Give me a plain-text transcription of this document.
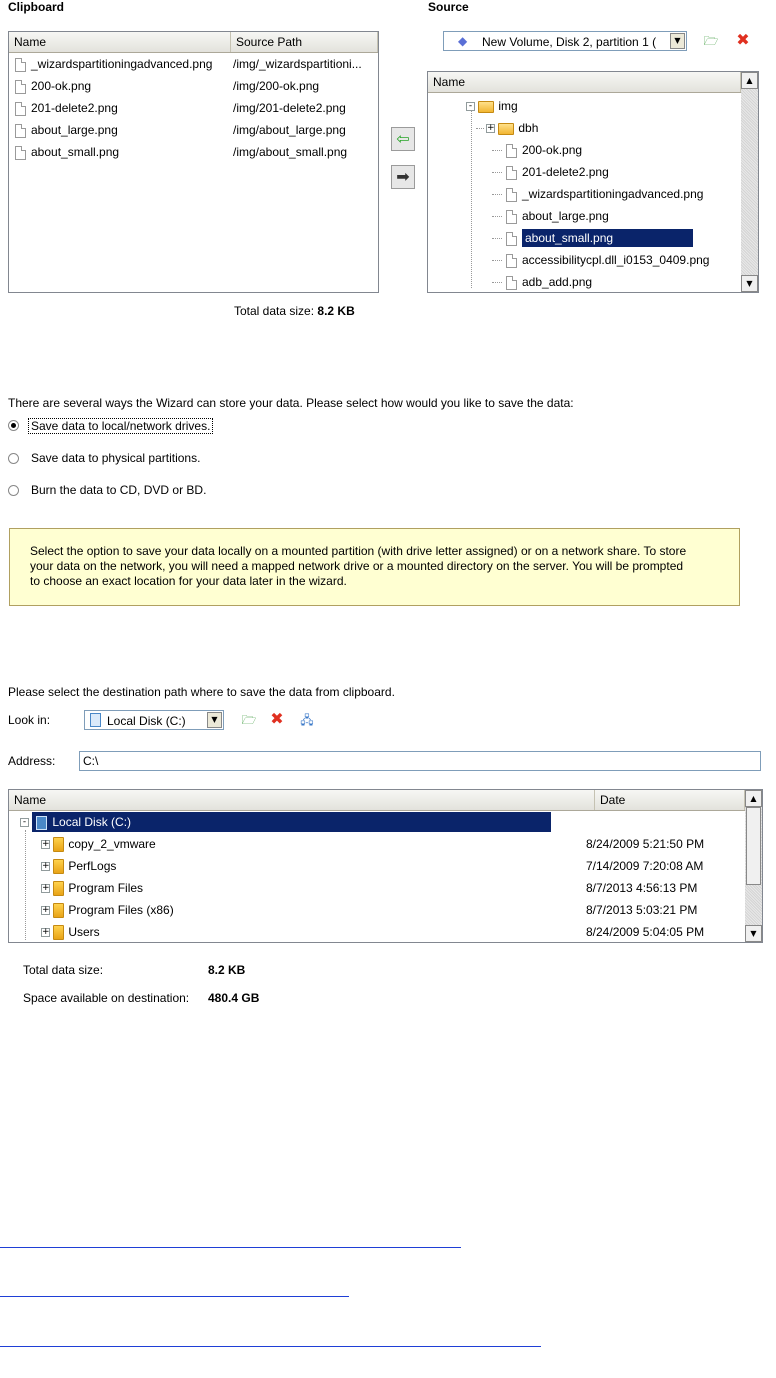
Clipboard	Source
Name	Source Path
_wizardspartitioningadvanced.png /img/_wizardspartitioni...
200-ok.png	/img/200-ok.png
201-delete2.png	/img/201-delete2.png
about_large.png	/img/about_large.png
about_small.png	/img/about_small.png
⇦
➡
◆ New Volume, Disk 2, partition 1 (	▼	🗁 ✖
Name	▲
▼
- img
+ dbh
200-ok.png
201-delete2.png
_wizardspartitioningadvanced.png
about_large.png
about_small.png
accessibilitycpl.dll_i0153_0409.png
adb_add.png
Total data size: 8.2 KB
There are several ways the Wizard can store your data. Please select how would you like to save the data:
Save data to local/network drives.
Save data to physical partitions.
Burn the data to CD, DVD or BD.
Select the option to save your data locally on a mounted partition (with drive letter assigned) or on a network share. To store
your data on the network, you will need a mapped network drive or a mounted directory on the server. You will be prompted
to choose an exact location for your data later in the wizard.
Please select the destination path where to save the data from clipboard.
Look in:	Local Disk (C:)	▼	🗁 ✖ 🖧
Address: C:\
Name	Date	▲
▼
- Local Disk (C:)
+ copy_2_vmware	8/24/2009 5:21:50 PM
+ PerfLogs	7/14/2009 7:20:08 AM
+ Program Files	8/7/2013 4:56:13 PM
+ Program Files (x86)	8/7/2013 5:03:21 PM
+ Users	8/24/2009 5:04:05 PM
Total data size:	8.2 KB
Space available on destination: 480.4 GB
